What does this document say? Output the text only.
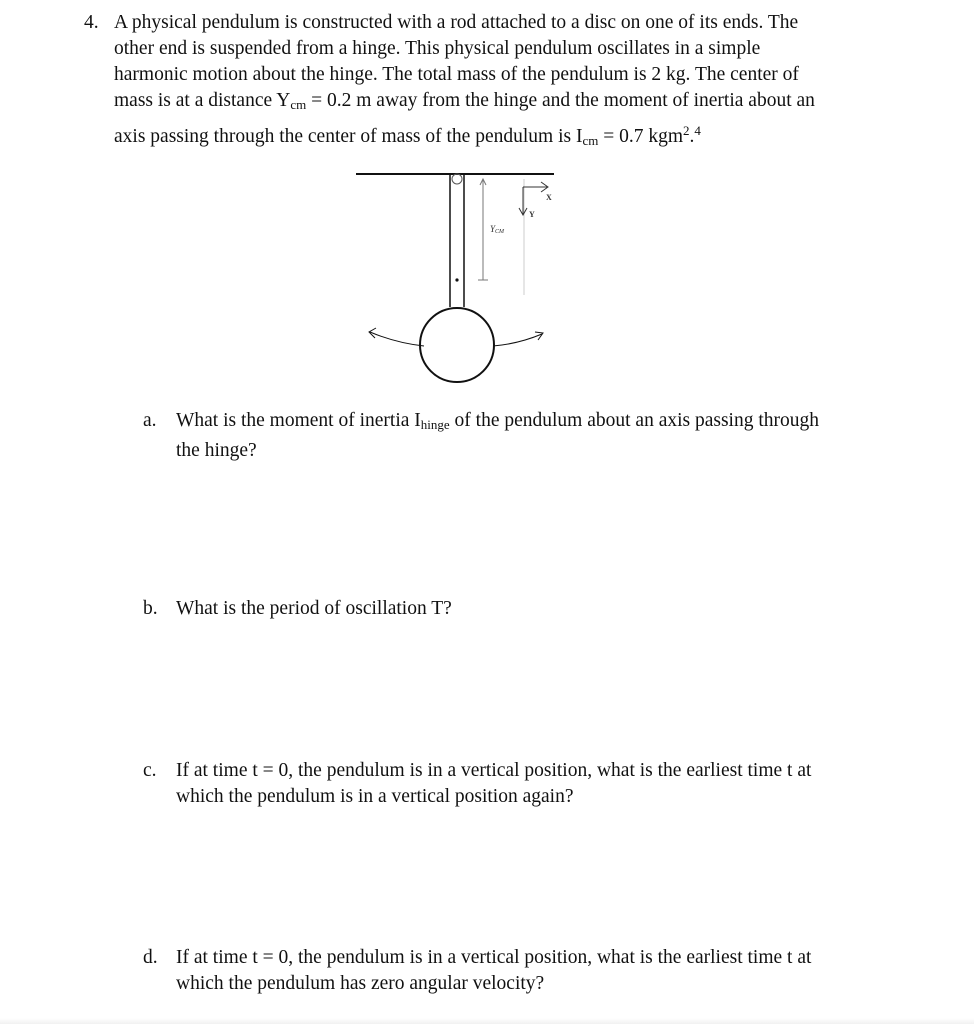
4. A physical pendulum is constructed with a rod attached to a disc on one of its ends. The
other end is suspended from a hinge. This physical pendulum oscillates in a simple
harmonic motion about the hinge. The total mass of the pendulum is 2 kg. The center of
mass is at a distance $Y_{cm} = 0.2$ m away from the hinge and the moment of inertia about an
axis passing through the center of mass of the pendulum is $I_{cm} = 0.7$ kgm$^2$.$^4$
YCM
X
Y
a. What is the moment of inertia $I_{hinge}$ of the pendulum about an axis passing through
the hinge?
b. What is the period of oscillation T?
c. If at time t = 0, the pendulum is in a vertical position, what is the earliest time t at
which the pendulum is in a vertical position again?
d. If at time t = 0, the pendulum is in a vertical position, what is the earliest time t at
which the pendulum has zero angular velocity?
